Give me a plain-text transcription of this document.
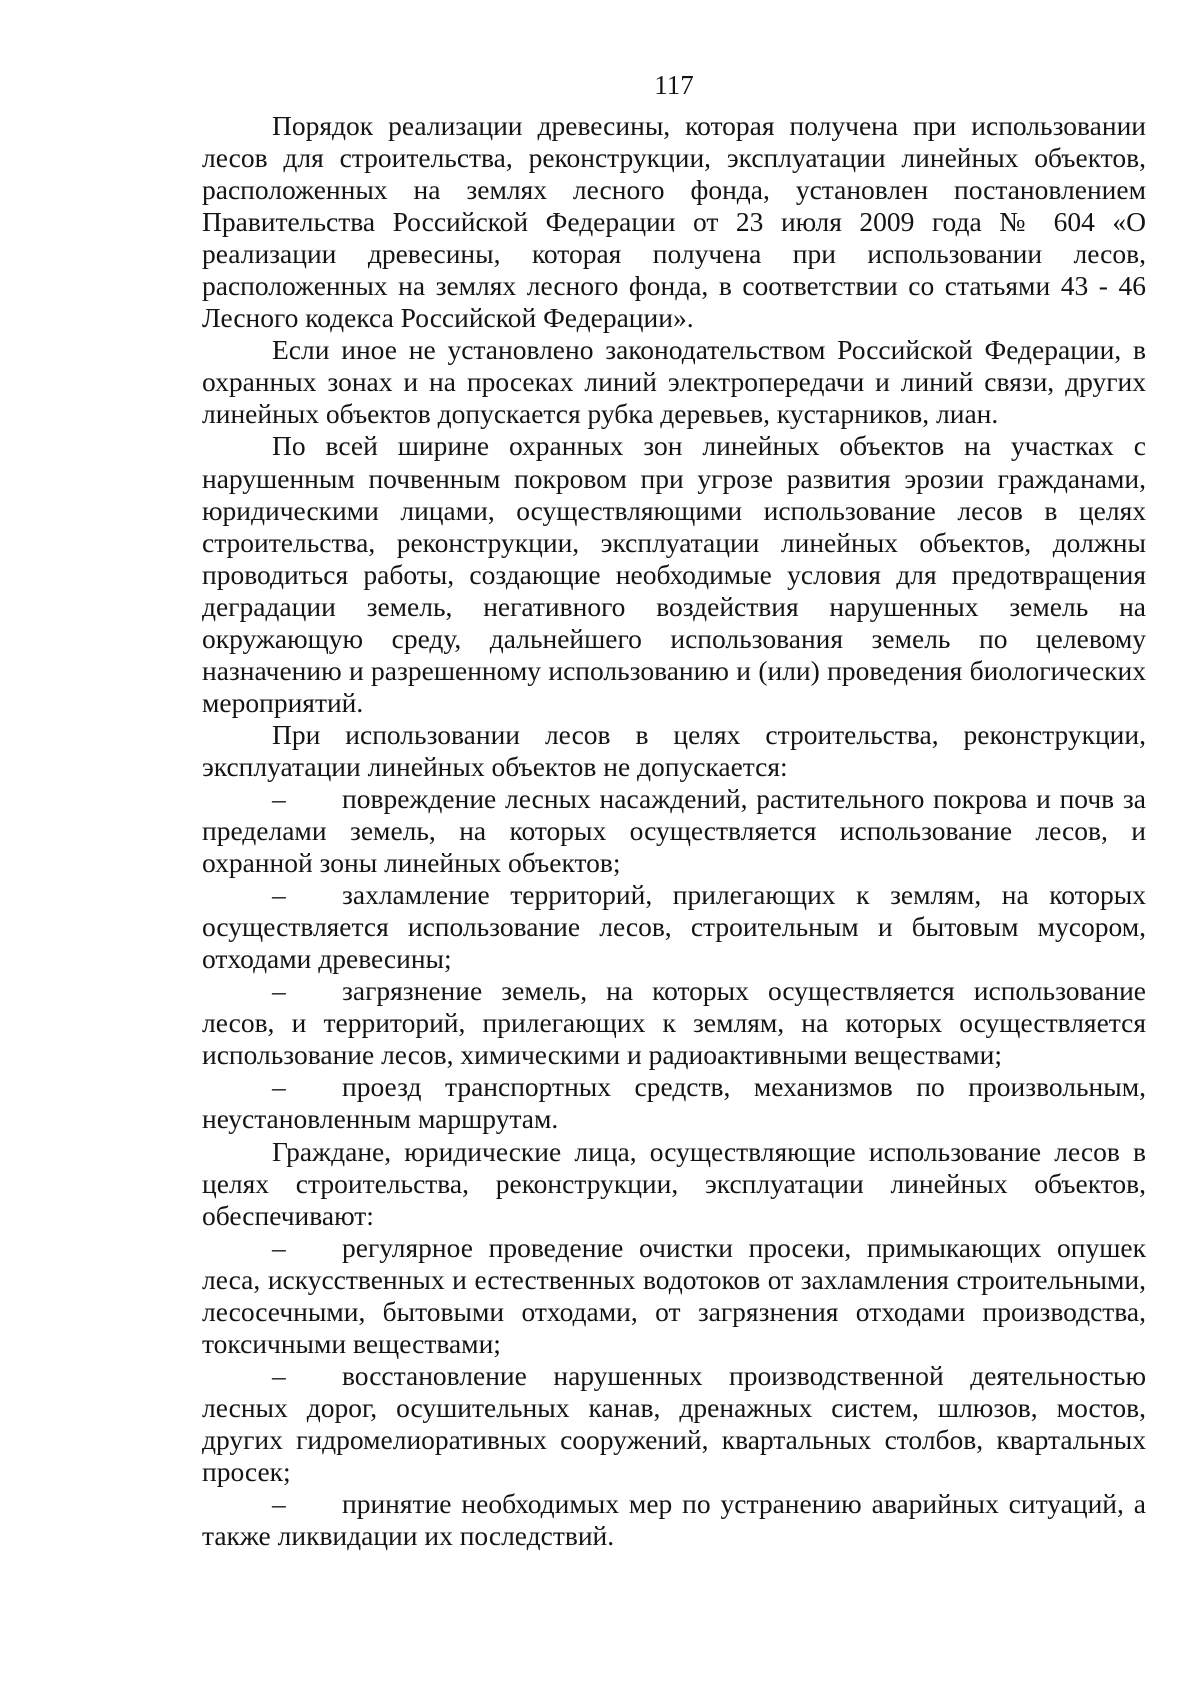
117

Порядок реализации древесины, которая получена при использовании лесов для строительства, реконструкции, эксплуатации линейных объектов, расположенных на землях лесного фонда, установлен постановлением Правительства Российской Федерации от 23 июля 2009 года № 604 «О реализации древесины, которая получена при использовании лесов, расположенных на землях лесного фонда, в соответствии со статьями 43 - 46 Лесного кодекса Российской Федерации».

Если иное не установлено законодательством Российской Федерации, в охранных зонах и на просеках линий электропередачи и линий связи, других линейных объектов допускается рубка деревьев, кустарников, лиан.

По всей ширине охранных зон линейных объектов на участках с нарушенным почвенным покровом при угрозе развития эрозии гражданами, юридическими лицами, осуществляющими использование лесов в целях строительства, реконструкции, эксплуатации линейных объектов, должны проводиться работы, создающие необходимые условия для предотвращения деградации земель, негативного воздействия нарушенных земель на окружающую среду, дальнейшего использования земель по целевому назначению и разрешенному использованию и (или) проведения биологических мероприятий.

При использовании лесов в целях строительства, реконструкции, эксплуатации линейных объектов не допускается:

– повреждение лесных насаждений, растительного покрова и почв за пределами земель, на которых осуществляется использование лесов, и охранной зоны линейных объектов;

– захламление территорий, прилегающих к землям, на которых осуществляется использование лесов, строительным и бытовым мусором, отходами древесины;

– загрязнение земель, на которых осуществляется использование лесов, и территорий, прилегающих к землям, на которых осуществляется использование лесов, химическими и радиоактивными веществами;

– проезд транспортных средств, механизмов по произвольным, неустановленным маршрутам.

Граждане, юридические лица, осуществляющие использование лесов в целях строительства, реконструкции, эксплуатации линейных объектов, обеспечивают:

– регулярное проведение очистки просеки, примыкающих опушек леса, искусственных и естественных водотоков от захламления строительными, лесосечными, бытовыми отходами, от загрязнения отходами производства, токсичными веществами;

– восстановление нарушенных производственной деятельностью лесных дорог, осушительных канав, дренажных систем, шлюзов, мостов, других гидромелиоративных сооружений, квартальных столбов, квартальных просек;

– принятие необходимых мер по устранению аварийных ситуаций, а также ликвидации их последствий.
